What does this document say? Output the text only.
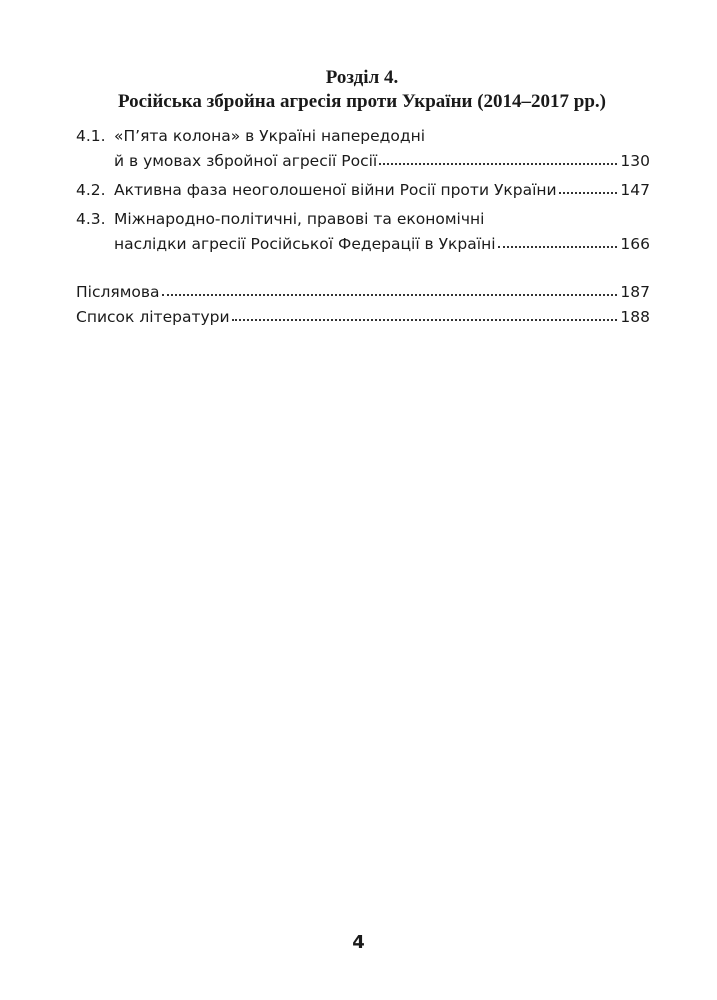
Розділ 4.
Російська збройна агресія проти України (2014–2017 рр.)
4.1. «П’ята колона» в Україні напередодні
й в умовах збройної агресії Росії	130
4.2. Активна фаза неоголошеної війни Росії проти України	147
4.3. Міжнародно-політичні, правові та економічні
наслідки агресії Російської Федерації в Україні	166
Післямова	187
Список літератури	188
4
